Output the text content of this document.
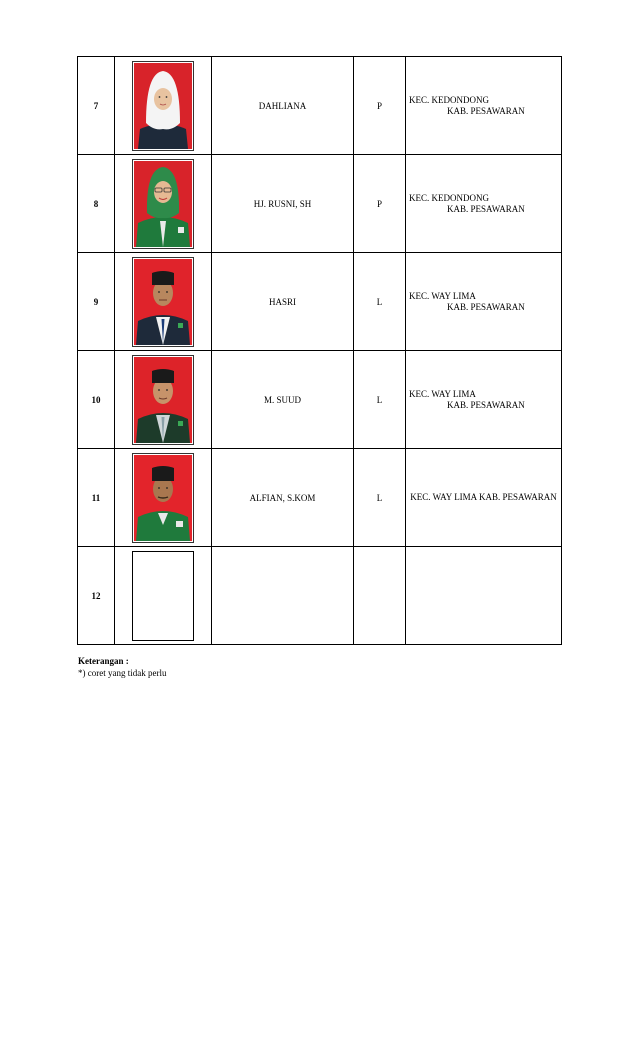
7		DAHLIANA	P	KEC. KEDONDONG
KAB. PESAWARAN

8		HJ. RUSNI, SH	P	KEC. KEDONDONG
KAB. PESAWARAN

9		HASRI	L	KEC. WAY LIMA
KAB. PESAWARAN

10		M. SUUD	L	KEC. WAY LIMA
KAB. PESAWARAN

11		ALFIAN, S.KOM	L	KEC. WAY LIMA KAB. PESAWARAN
12	

Keterangan :
*) coret yang tidak perlu
